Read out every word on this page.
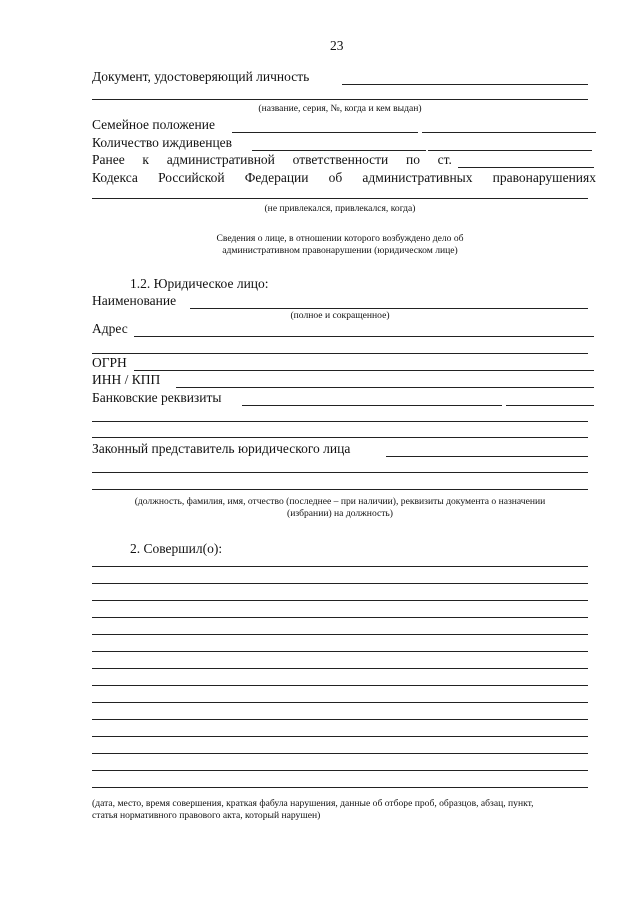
23
Документ, удостоверяющий личность
(название, серия, №, когда и кем выдан)
Семейное положение
Количество иждивенцев
Ранее к административной ответственности по ст.
Кодекса Российской Федерации об административных правонарушениях
(не привлекался, привлекался, когда)
Сведения о лице, в отношении которого возбуждено дело об
административном правонарушении (юридическом лице)
1.2. Юридическое лицо:
Наименование
(полное и сокращенное)
Адрес
ОГРН
ИНН / КПП
Банковские реквизиты
Законный представитель юридического лица
(должность, фамилия, имя, отчество (последнее – при наличии), реквизиты документа о назначении
(избрании) на должность)
2. Совершил(о):
(дата, место, время совершения, краткая фабула нарушения, данные об отборе проб, образцов, абзац, пункт,
статья нормативного правового акта, который нарушен)
